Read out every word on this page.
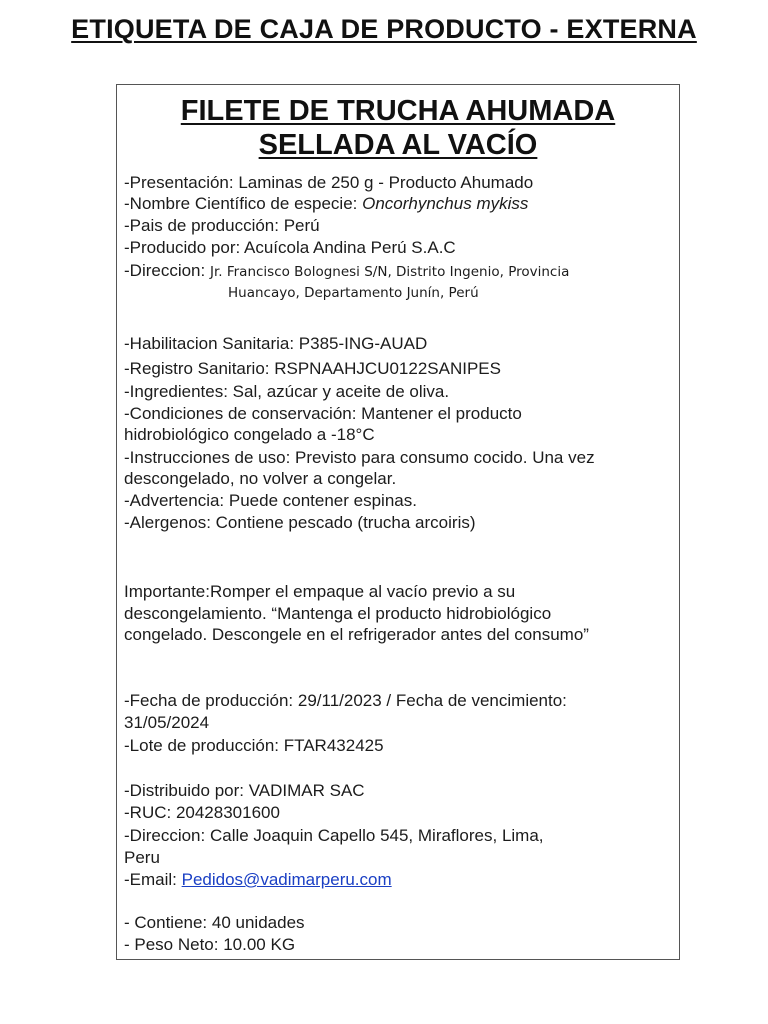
ETIQUETA DE CAJA DE PRODUCTO - EXTERNA
FILETE DE TRUCHA AHUMADA
SELLADA AL VACÍO
-Presentación: Laminas de 250 g - Producto Ahumado
-Nombre Científico de especie: Oncorhynchus mykiss
-Pais de producción: Perú
-Producido por: Acuícola Andina Perú S.A.C
-Direccion: Jr. Francisco Bolognesi S/N, Distrito Ingenio, Provincia
Huancayo, Departamento Junín, Perú
-Habilitacion Sanitaria: P385-ING-AUAD
-Registro Sanitario: RSPNAAHJCU0122SANIPES
-Ingredientes: Sal, azúcar y aceite de oliva.
-Condiciones de conservación: Mantener el producto
hidrobiológico congelado a -18°C
-Instrucciones de uso: Previsto para consumo cocido. Una vez
descongelado, no volver a congelar.
-Advertencia: Puede contener espinas.
-Alergenos: Contiene pescado (trucha arcoiris)
Importante:Romper el empaque al vacío previo a su
descongelamiento. “Mantenga el producto hidrobiológico
congelado. Descongele en el refrigerador antes del consumo”
-Fecha de producción: 29/11/2023 / Fecha de vencimiento:
31/05/2024
-Lote de producción: FTAR432425
-Distribuido por: VADIMAR SAC
-RUC: 20428301600
-Direccion: Calle Joaquin Capello 545, Miraflores, Lima,
Peru
-Email: Pedidos@vadimarperu.com
- Contiene: 40 unidades
- Peso Neto: 10.00 KG
